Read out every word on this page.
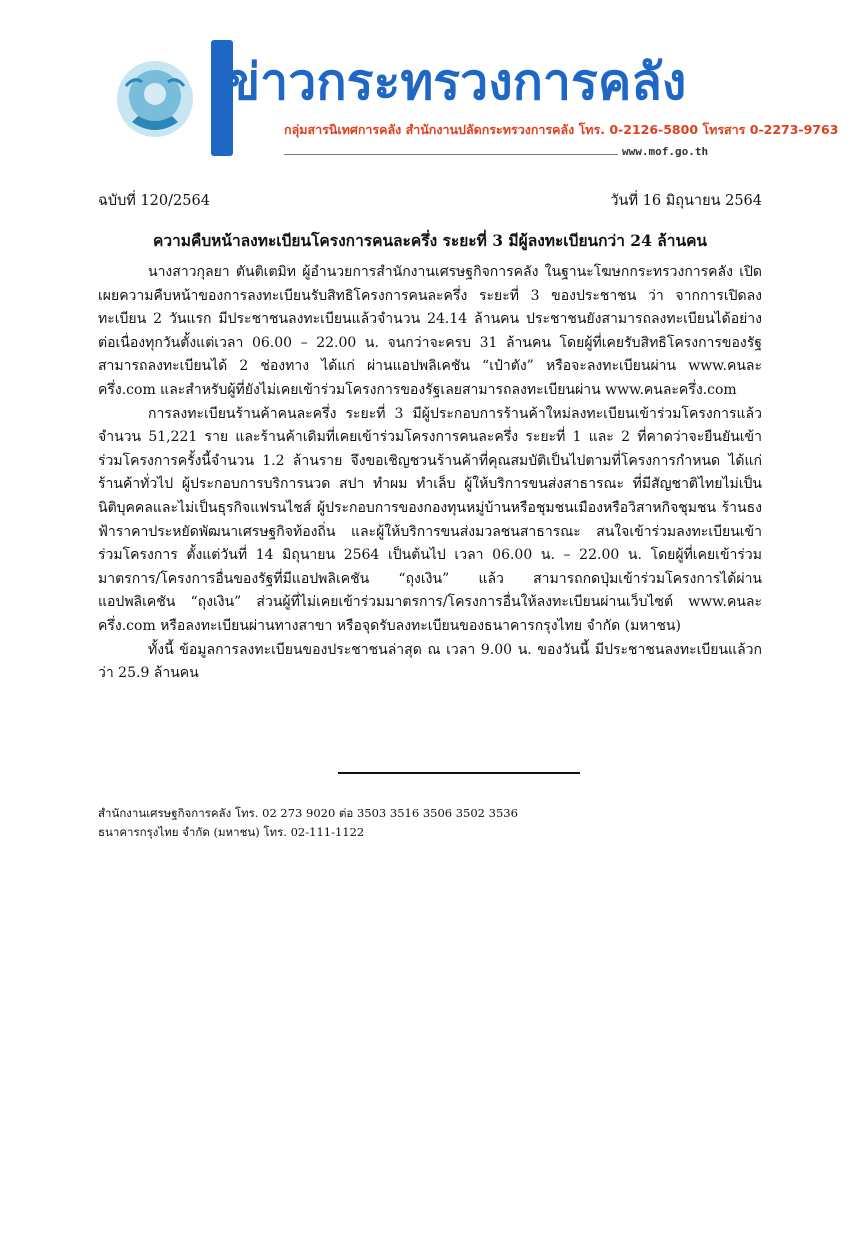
ข่าวกระทรวงการคลัง
กลุ่มสารนิเทศการคลัง สำนักงานปลัดกระทรวงการคลัง โทร. 0-2126-5800 โทรสาร 0-2273-9763
www.mof.go.th
ฉบับที่ 120/2564	วันที่ 16 มิถุนายน 2564
ความคืบหน้าลงทะเบียนโครงการคนละครึ่ง ระยะที่ 3 มีผู้ลงทะเบียนกว่า 24 ล้านคน

นางสาวกุลยา ตันติเตมิท ผู้อำนวยการสำนักงานเศรษฐกิจการคลัง ในฐานะโฆษกกระทรวงการคลัง เปิดเผยความคืบหน้าของการลงทะเบียนรับสิทธิโครงการคนละครึ่ง ระยะที่ 3 ของประชาชน ว่า จากการเปิดลงทะเบียน 2 วันแรก มีประชาชนลงทะเบียนแล้วจำนวน 24.14 ล้านคน ประชาชนยังสามารถลงทะเบียนได้อย่างต่อเนื่องทุกวันตั้งแต่เวลา 06.00 – 22.00 น. จนกว่าจะครบ 31 ล้านคน โดยผู้ที่เคยรับสิทธิโครงการของรัฐสามารถลงทะเบียนได้ 2 ช่องทาง ได้แก่ ผ่านแอปพลิเคชัน “เป๋าตัง” หรือจะลงทะเบียนผ่าน www.คนละครึ่ง.com และสำหรับผู้ที่ยังไม่เคยเข้าร่วมโครงการของรัฐเลยสามารถลงทะเบียนผ่าน www.คนละครึ่ง.com

การลงทะเบียนร้านค้าคนละครึ่ง ระยะที่ 3 มีผู้ประกอบการร้านค้าใหม่ลงทะเบียนเข้าร่วมโครงการแล้วจำนวน 51,221 ราย และร้านค้าเดิมที่เคยเข้าร่วมโครงการคนละครึ่ง ระยะที่ 1 และ 2 ที่คาดว่าจะยืนยันเข้าร่วมโครงการครั้งนี้จำนวน 1.2 ล้านราย จึงขอเชิญชวนร้านค้าที่คุณสมบัติเป็นไปตามที่โครงการกำหนด ได้แก่ ร้านค้าทั่วไป ผู้ประกอบการบริการนวด สปา ทำผม ทำเล็บ ผู้ให้บริการขนส่งสาธารณะ ที่มีสัญชาติไทยไม่เป็นนิติบุคคลและไม่เป็นธุรกิจแฟรนไชส์ ผู้ประกอบการของกองทุนหมู่บ้านหรือชุมชนเมืองหรือวิสาหกิจชุมชน ร้านธงฟ้าราคาประหยัดพัฒนาเศรษฐกิจท้องถิ่น และผู้ให้บริการขนส่งมวลชนสาธารณะ สนใจเข้าร่วมลงทะเบียนเข้าร่วมโครงการ ตั้งแต่วันที่ 14 มิถุนายน 2564 เป็นต้นไป เวลา 06.00 น. – 22.00 น. โดยผู้ที่เคยเข้าร่วมมาตรการ/โครงการอื่นของรัฐที่มีแอปพลิเคชัน “ถุงเงิน” แล้ว สามารถกดปุ่มเข้าร่วมโครงการได้ผ่านแอปพลิเคชัน “ถุงเงิน” ส่วนผู้ที่ไม่เคยเข้าร่วมมาตรการ/โครงการอื่นให้ลงทะเบียนผ่านเว็บไซต์ www.คนละครึ่ง.com หรือลงทะเบียนผ่านทางสาขา หรือจุดรับลงทะเบียนของธนาคารกรุงไทย จำกัด (มหาชน)

ทั้งนี้ ข้อมูลการลงทะเบียนของประชาชนล่าสุด ณ เวลา 9.00 น. ของวันนี้ มีประชาชนลงทะเบียนแล้วกว่า 25.9 ล้านคน

สำนักงานเศรษฐกิจการคลัง โทร. 02 273 9020 ต่อ 3503 3516 3506 3502 3536
ธนาคารกรุงไทย จำกัด (มหาชน) โทร. 02-111-1122
